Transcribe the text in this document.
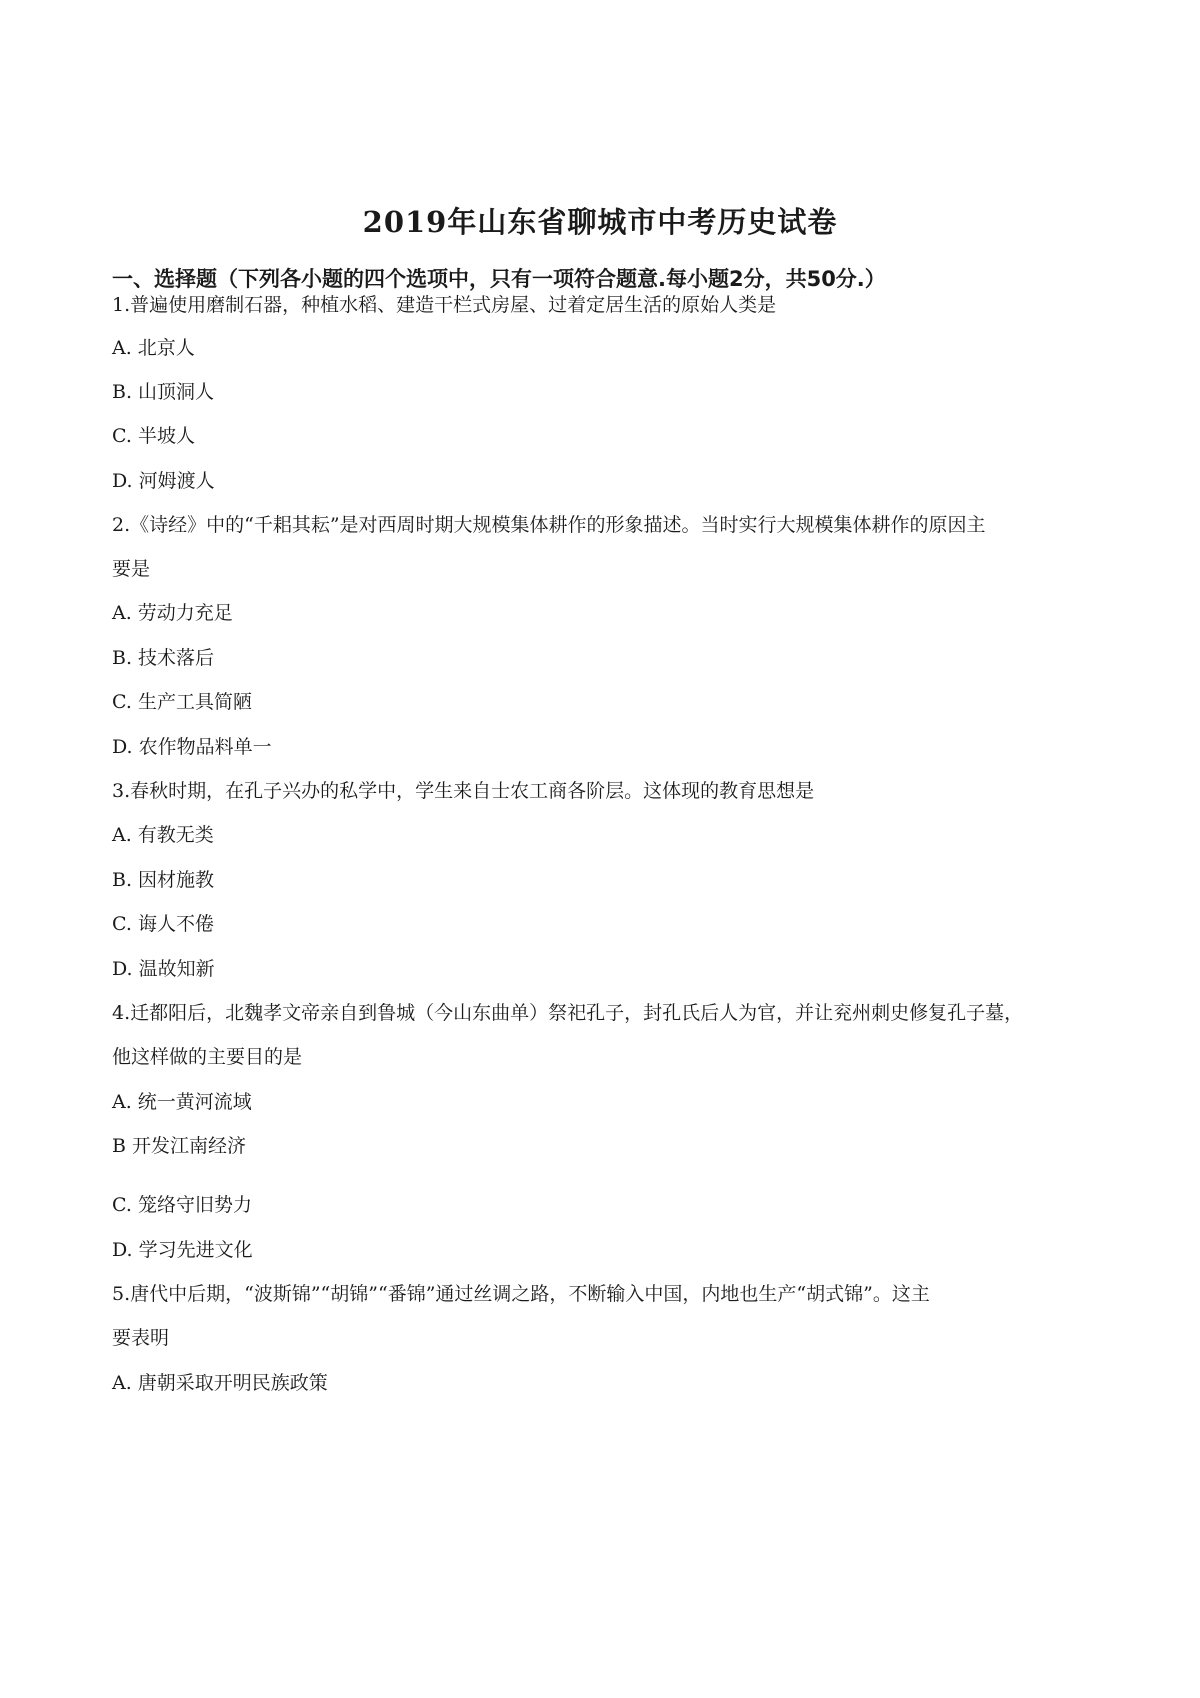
2019年山东省聊城市中考历史试卷
一、选择题（下列各小题的四个选项中，只有一项符合题意.每小题2分，共50分.）
1.普遍使用磨制石器，种植水稻、建造干栏式房屋、过着定居生活的原始人类是
A. 北京人
B. 山顶洞人
C. 半坡人
D. 河姆渡人
2.《诗经》中的“千耜其耘”是对西周时期大规模集体耕作的形象描述。当时实行大规模集体耕作的原因主
要是
A. 劳动力充足
B. 技术落后
C. 生产工具简陋
D. 农作物品料单一
3.春秋时期，在孔子兴办的私学中，学生来自士农工商各阶层。这体现的教育思想是
A. 有教无类
B. 因材施教
C. 诲人不倦
D. 温故知新
4.迁都阳后，北魏孝文帝亲自到鲁城（今山东曲单）祭祀孔子，封孔氏后人为官，并让兖州刺史修复孔子墓，
他这样做的主要目的是
A. 统一黄河流域
B 开发江南经济
C. 笼络守旧势力
D. 学习先进文化
5.唐代中后期，“波斯锦”“胡锦”“番锦”通过丝调之路，不断输入中国，内地也生产“胡式锦”。这主
要表明
A. 唐朝采取开明民族政策
